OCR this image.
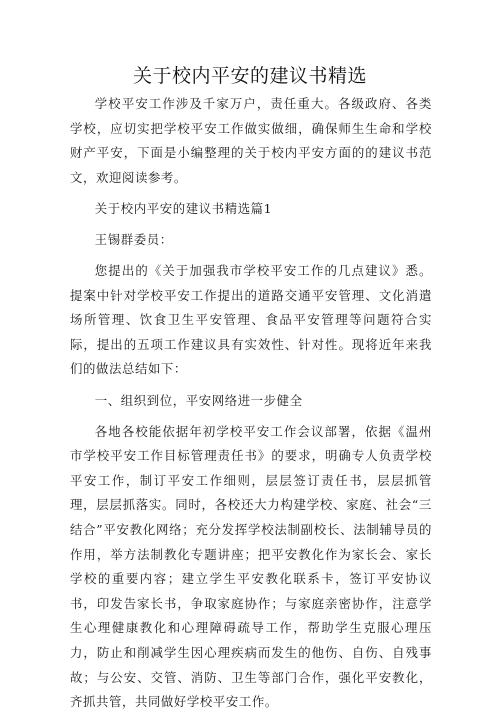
关于校内平安的建议书精选

学校平安工作涉及千家万户，责任重大。各级政府、各类学校，应切实把学校平安工作做实做细，确保师生生命和学校财产平安，下面是小编整理的关于校内平安方面的的建议书范文，欢迎阅读参考。

关于校内平安的建议书精选篇1

王锡群委员：

您提出的《关于加强我市学校平安工作的几点建议》悉。提案中针对学校平安工作提出的道路交通平安管理、文化消遣场所管理、饮食卫生平安管理、食品平安管理等问题符合实际，提出的五项工作建议具有实效性、针对性。现将近年来我们的做法总结如下：

一、组织到位，平安网络进一步健全

各地各校能依据年初学校平安工作会议部署，依据《温州市学校平安工作目标管理责任书》的要求，明确专人负责学校平安工作，制订平安工作细则，层层签订责任书，层层抓管理，层层抓落实。同时，各校还大力构建学校、家庭、社会“三结合”平安教化网络；充分发挥学校法制副校长、法制辅导员的作用，举方法制教化专题讲座；把平安教化作为家长会、家长学校的重要内容；建立学生平安教化联系卡，签订平安协议书，印发告家长书，争取家庭协作；与家庭亲密协作，注意学生心理健康教化和心理障碍疏导工作，帮助学生克服心理压力，防止和削减学生因心理疾病而发生的他伤、自伤、自残事故；与公安、交管、消防、卫生等部门合作，强化平安教化，齐抓共管，共同做好学校平安工作。
